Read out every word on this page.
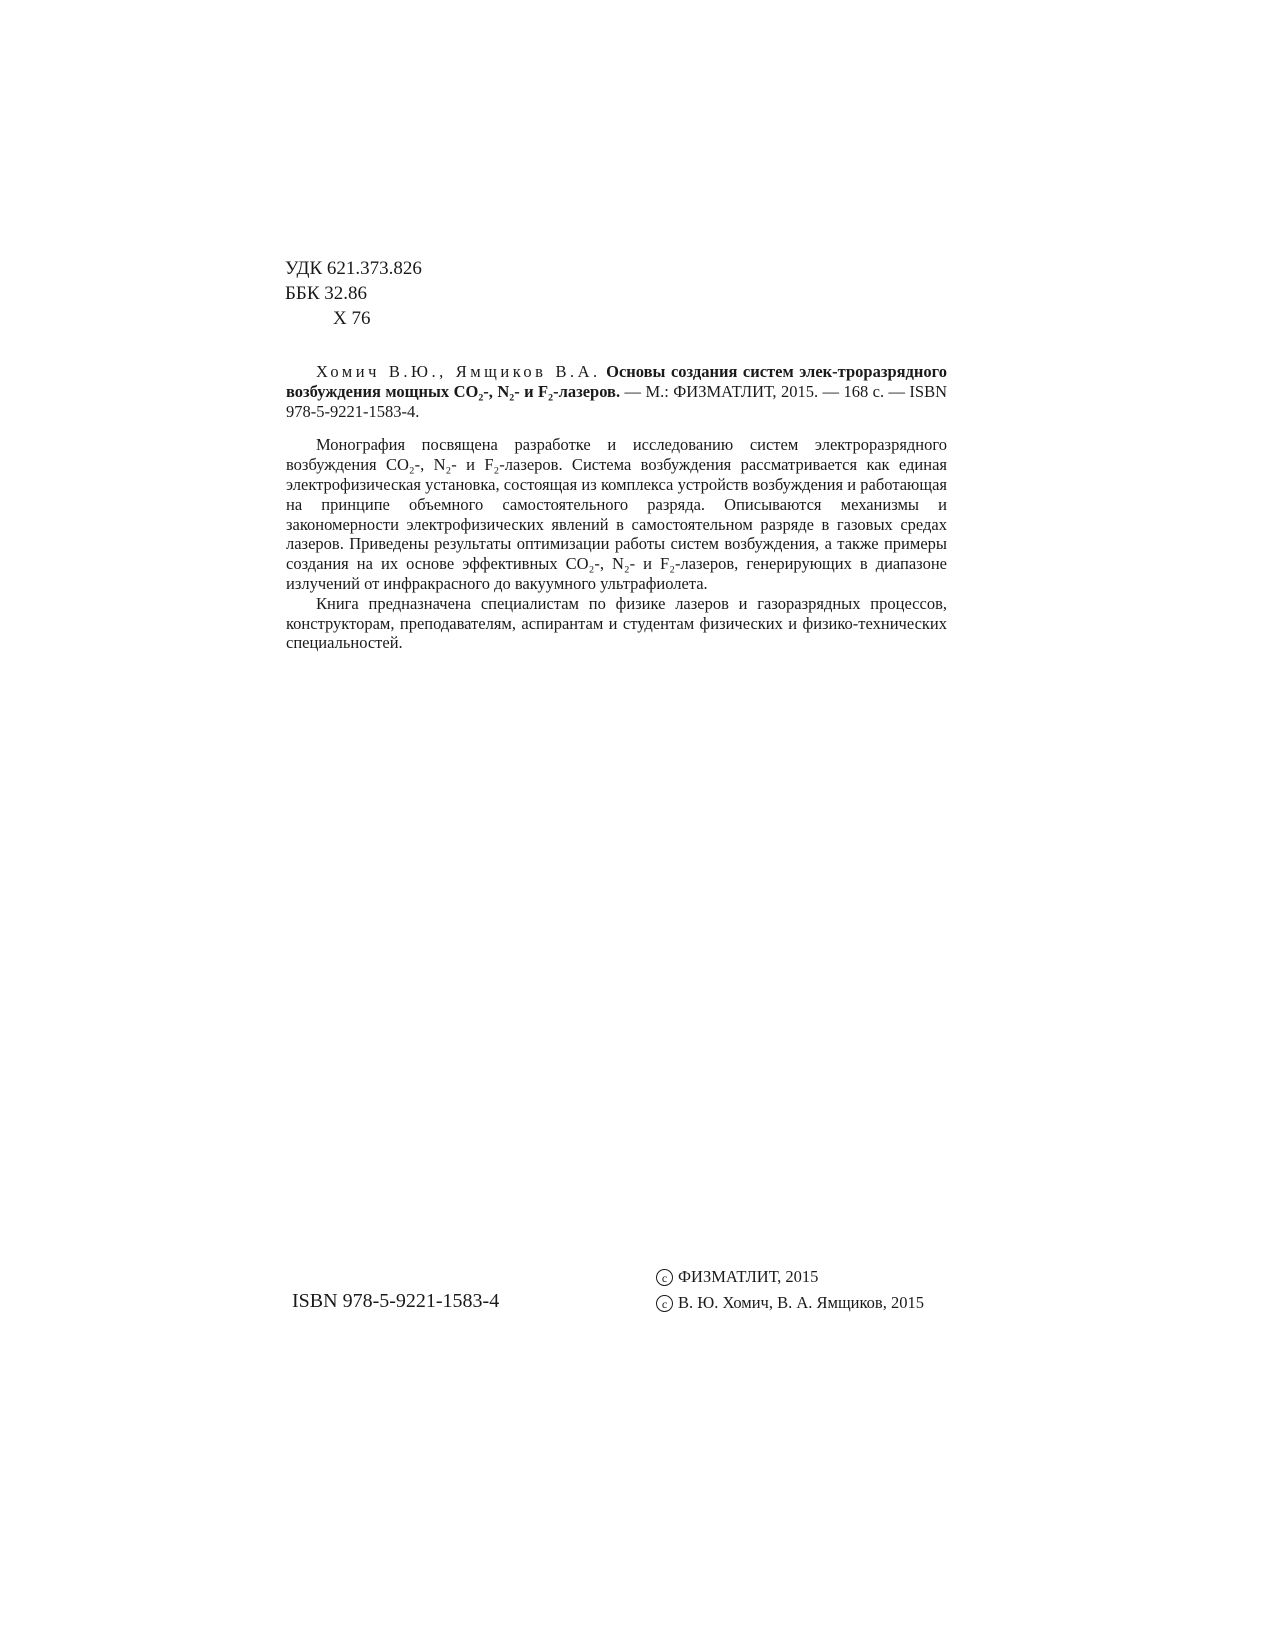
УДК 621.373.826
ББК 32.86
Х 76

Хомич В.Ю., Ямщиков В.А. Основы создания систем элек-троразрядного возбуждения мощных CO₂-, N₂- и F₂-лазеров. — М.: ФИЗМАТЛИТ, 2015. — 168 с. — ISBN 978-5-9221-1583-4.

Монография посвящена разработке и исследованию систем электроразрядного возбуждения CO₂-, N₂- и F₂-лазеров. Система возбуждения рассматривается как единая электрофизическая установка, состоящая из комплекса устройств возбуждения и работающая на принципе объемного самостоятельного разряда. Описываются механизмы и закономерности электрофизических явлений в самостоятельном разряде в газовых средах лазеров. Приведены результаты оптимизации работы систем возбуждения, а также примеры создания на их основе эффективных CO₂-, N₂- и F₂-лазеров, генерирующих в диапазоне излучений от инфракрасного до вакуумного ультрафиолета.

Книга предназначена специалистам по физике лазеров и газоразрядных процессов, конструкторам, преподавателям, аспирантам и студентам физических и физико-технических специальностей.

ISBN 978-5-9221-1583-4
c ФИЗМАТЛИТ, 2015
c В. Ю. Хомич, В. А. Ямщиков, 2015
